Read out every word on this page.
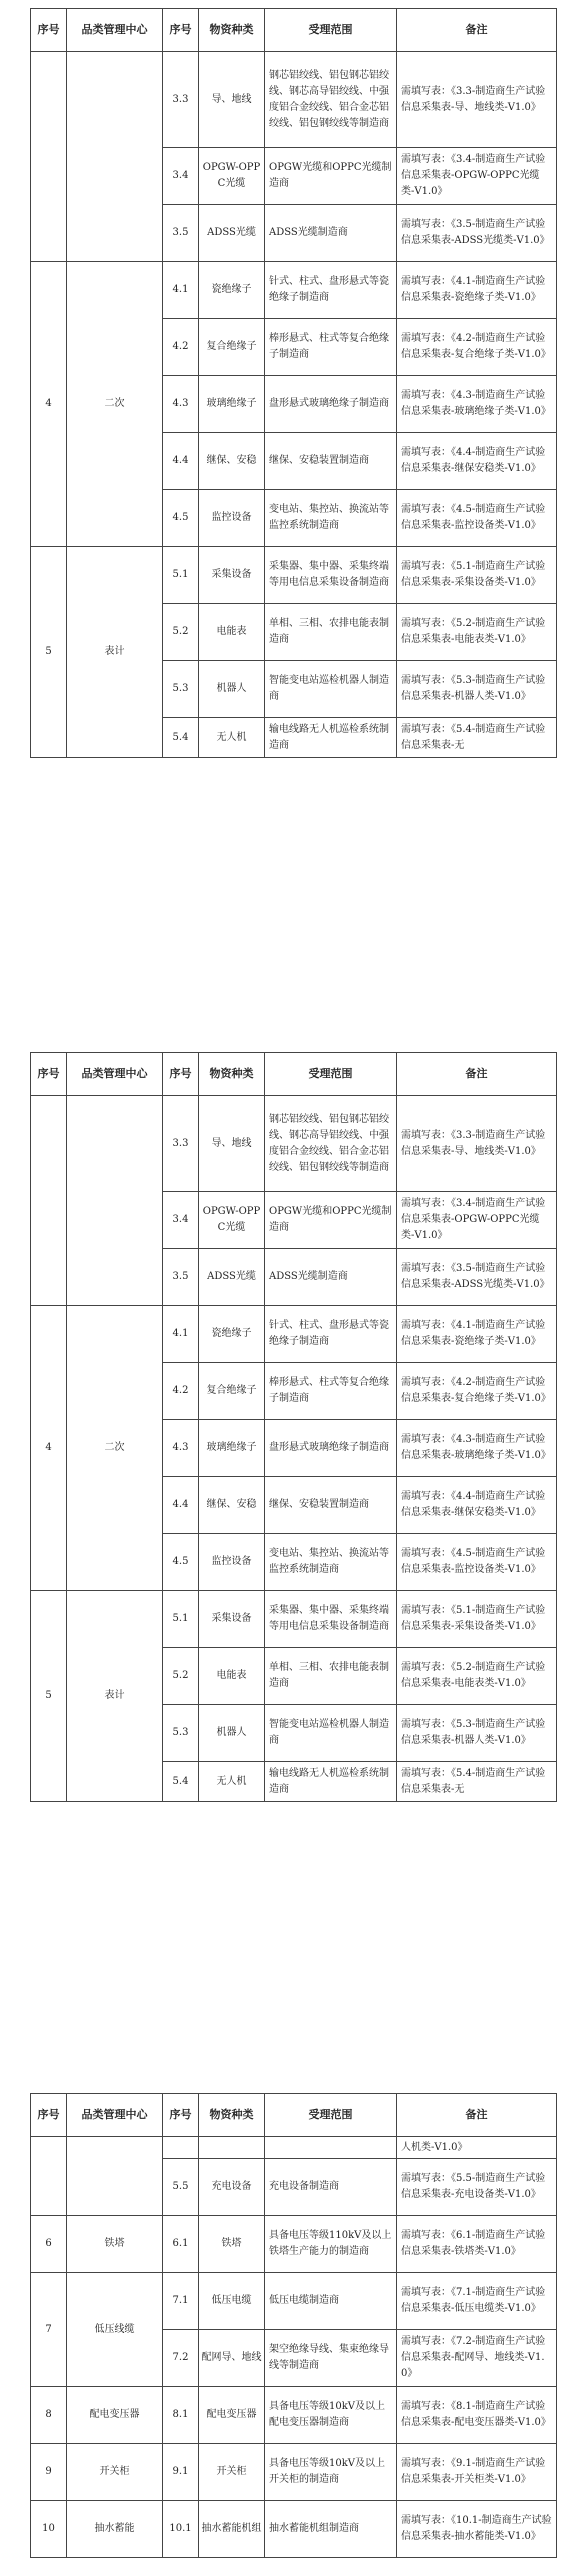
序号	品类管理中心	序号	物资种类	受理范围	备注
		3.3	导、地线	钢芯铝绞线、铝包钢芯铝绞线、钢芯高导铝绞线、中强度铝合金绞线、铝合金芯铝绞线、铝包钢绞线等制造商	需填写表：《3.3-制造商生产试验信息采集表-导、地线类-V1.0》
		3.4	OPGW-OPPC光缆	OPGW光缆和OPPC光缆制造商	需填写表：《3.4-制造商生产试验信息采集表-OPGW-OPPC光缆类-V1.0》
		3.5	ADSS光缆	ADSS光缆制造商	需填写表：《3.5-制造商生产试验信息采集表-ADSS光缆类-V1.0》
4	二次	4.1	瓷绝缘子	针式、柱式、盘形悬式等瓷绝缘子制造商	需填写表：《4.1-制造商生产试验信息采集表-瓷绝缘子类-V1.0》
		4.2	复合绝缘子	棒形悬式、柱式等复合绝缘子制造商	需填写表：《4.2-制造商生产试验信息采集表-复合绝缘子类-V1.0》
		4.3	玻璃绝缘子	盘形悬式玻璃绝缘子制造商	需填写表：《4.3-制造商生产试验信息采集表-玻璃绝缘子类-V1.0》
		4.4	继保、安稳	继保、安稳装置制造商	需填写表：《4.4-制造商生产试验信息采集表-继保安稳类-V1.0》
		4.5	监控设备	变电站、集控站、换流站等监控系统制造商	需填写表：《4.5-制造商生产试验信息采集表-监控设备类-V1.0》
5	表计	5.1	采集设备	采集器、集中器、采集终端等用电信息采集设备制造商	需填写表：《5.1-制造商生产试验信息采集表-采集设备类-V1.0》
		5.2	电能表	单相、三相、农排电能表制造商	需填写表：《5.2-制造商生产试验信息采集表-电能表类-V1.0》
		5.3	机器人	智能变电站巡检机器人制造商	需填写表：《5.3-制造商生产试验信息采集表-机器人类-V1.0》
		5.4	无人机	输电线路无人机巡检系统制造商	需填写表：《5.4-制造商生产试验信息采集表-无
序号	品类管理中心	序号	物资种类	受理范围	备注
		3.3	导、地线	钢芯铝绞线、铝包钢芯铝绞线、钢芯高导铝绞线、中强度铝合金绞线、铝合金芯铝绞线、铝包钢绞线等制造商	需填写表：《3.3-制造商生产试验信息采集表-导、地线类-V1.0》
		3.4	OPGW-OPPC光缆	OPGW光缆和OPPC光缆制造商	需填写表：《3.4-制造商生产试验信息采集表-OPGW-OPPC光缆类-V1.0》
		3.5	ADSS光缆	ADSS光缆制造商	需填写表：《3.5-制造商生产试验信息采集表-ADSS光缆类-V1.0》
4	二次	4.1	瓷绝缘子	针式、柱式、盘形悬式等瓷绝缘子制造商	需填写表：《4.1-制造商生产试验信息采集表-瓷绝缘子类-V1.0》
		4.2	复合绝缘子	棒形悬式、柱式等复合绝缘子制造商	需填写表：《4.2-制造商生产试验信息采集表-复合绝缘子类-V1.0》
		4.3	玻璃绝缘子	盘形悬式玻璃绝缘子制造商	需填写表：《4.3-制造商生产试验信息采集表-玻璃绝缘子类-V1.0》
		4.4	继保、安稳	继保、安稳装置制造商	需填写表：《4.4-制造商生产试验信息采集表-继保安稳类-V1.0》
		4.5	监控设备	变电站、集控站、换流站等监控系统制造商	需填写表：《4.5-制造商生产试验信息采集表-监控设备类-V1.0》
5	表计	5.1	采集设备	采集器、集中器、采集终端等用电信息采集设备制造商	需填写表：《5.1-制造商生产试验信息采集表-采集设备类-V1.0》
		5.2	电能表	单相、三相、农排电能表制造商	需填写表：《5.2-制造商生产试验信息采集表-电能表类-V1.0》
		5.3	机器人	智能变电站巡检机器人制造商	需填写表：《5.3-制造商生产试验信息采集表-机器人类-V1.0》
		5.4	无人机	输电线路无人机巡检系统制造商	需填写表：《5.4-制造商生产试验信息采集表-无
序号	品类管理中心	序号	物资种类	受理范围	备注
					人机类-V1.0》
		5.5	充电设备	充电设备制造商	需填写表：《5.5-制造商生产试验信息采集表-充电设备类-V1.0》
6	铁塔	6.1	铁塔	具备电压等级110kV及以上铁塔生产能力的制造商	需填写表：《6.1-制造商生产试验信息采集表-铁塔类-V1.0》
7	低压线缆	7.1	低压电缆	低压电缆制造商	需填写表：《7.1-制造商生产试验信息采集表-低压电缆类-V1.0》
		7.2	配网导、地线	架空绝缘导线、集束绝缘导线等制造商	需填写表：《7.2-制造商生产试验信息采集表-配网导、地线类-V1.0》
8	配电变压器	8.1	配电变压器	具备电压等级10kV及以上配电变压器制造商	需填写表：《8.1-制造商生产试验信息采集表-配电变压器类-V1.0》
9	开关柜	9.1	开关柜	具备电压等级10kV及以上开关柜的制造商	需填写表：《9.1-制造商生产试验信息采集表-开关柜类-V1.0》
10	抽水蓄能	10.1	抽水蓄能机组	抽水蓄能机组制造商	需填写表：《10.1-制造商生产试验信息采集表-抽水蓄能类-V1.0》
